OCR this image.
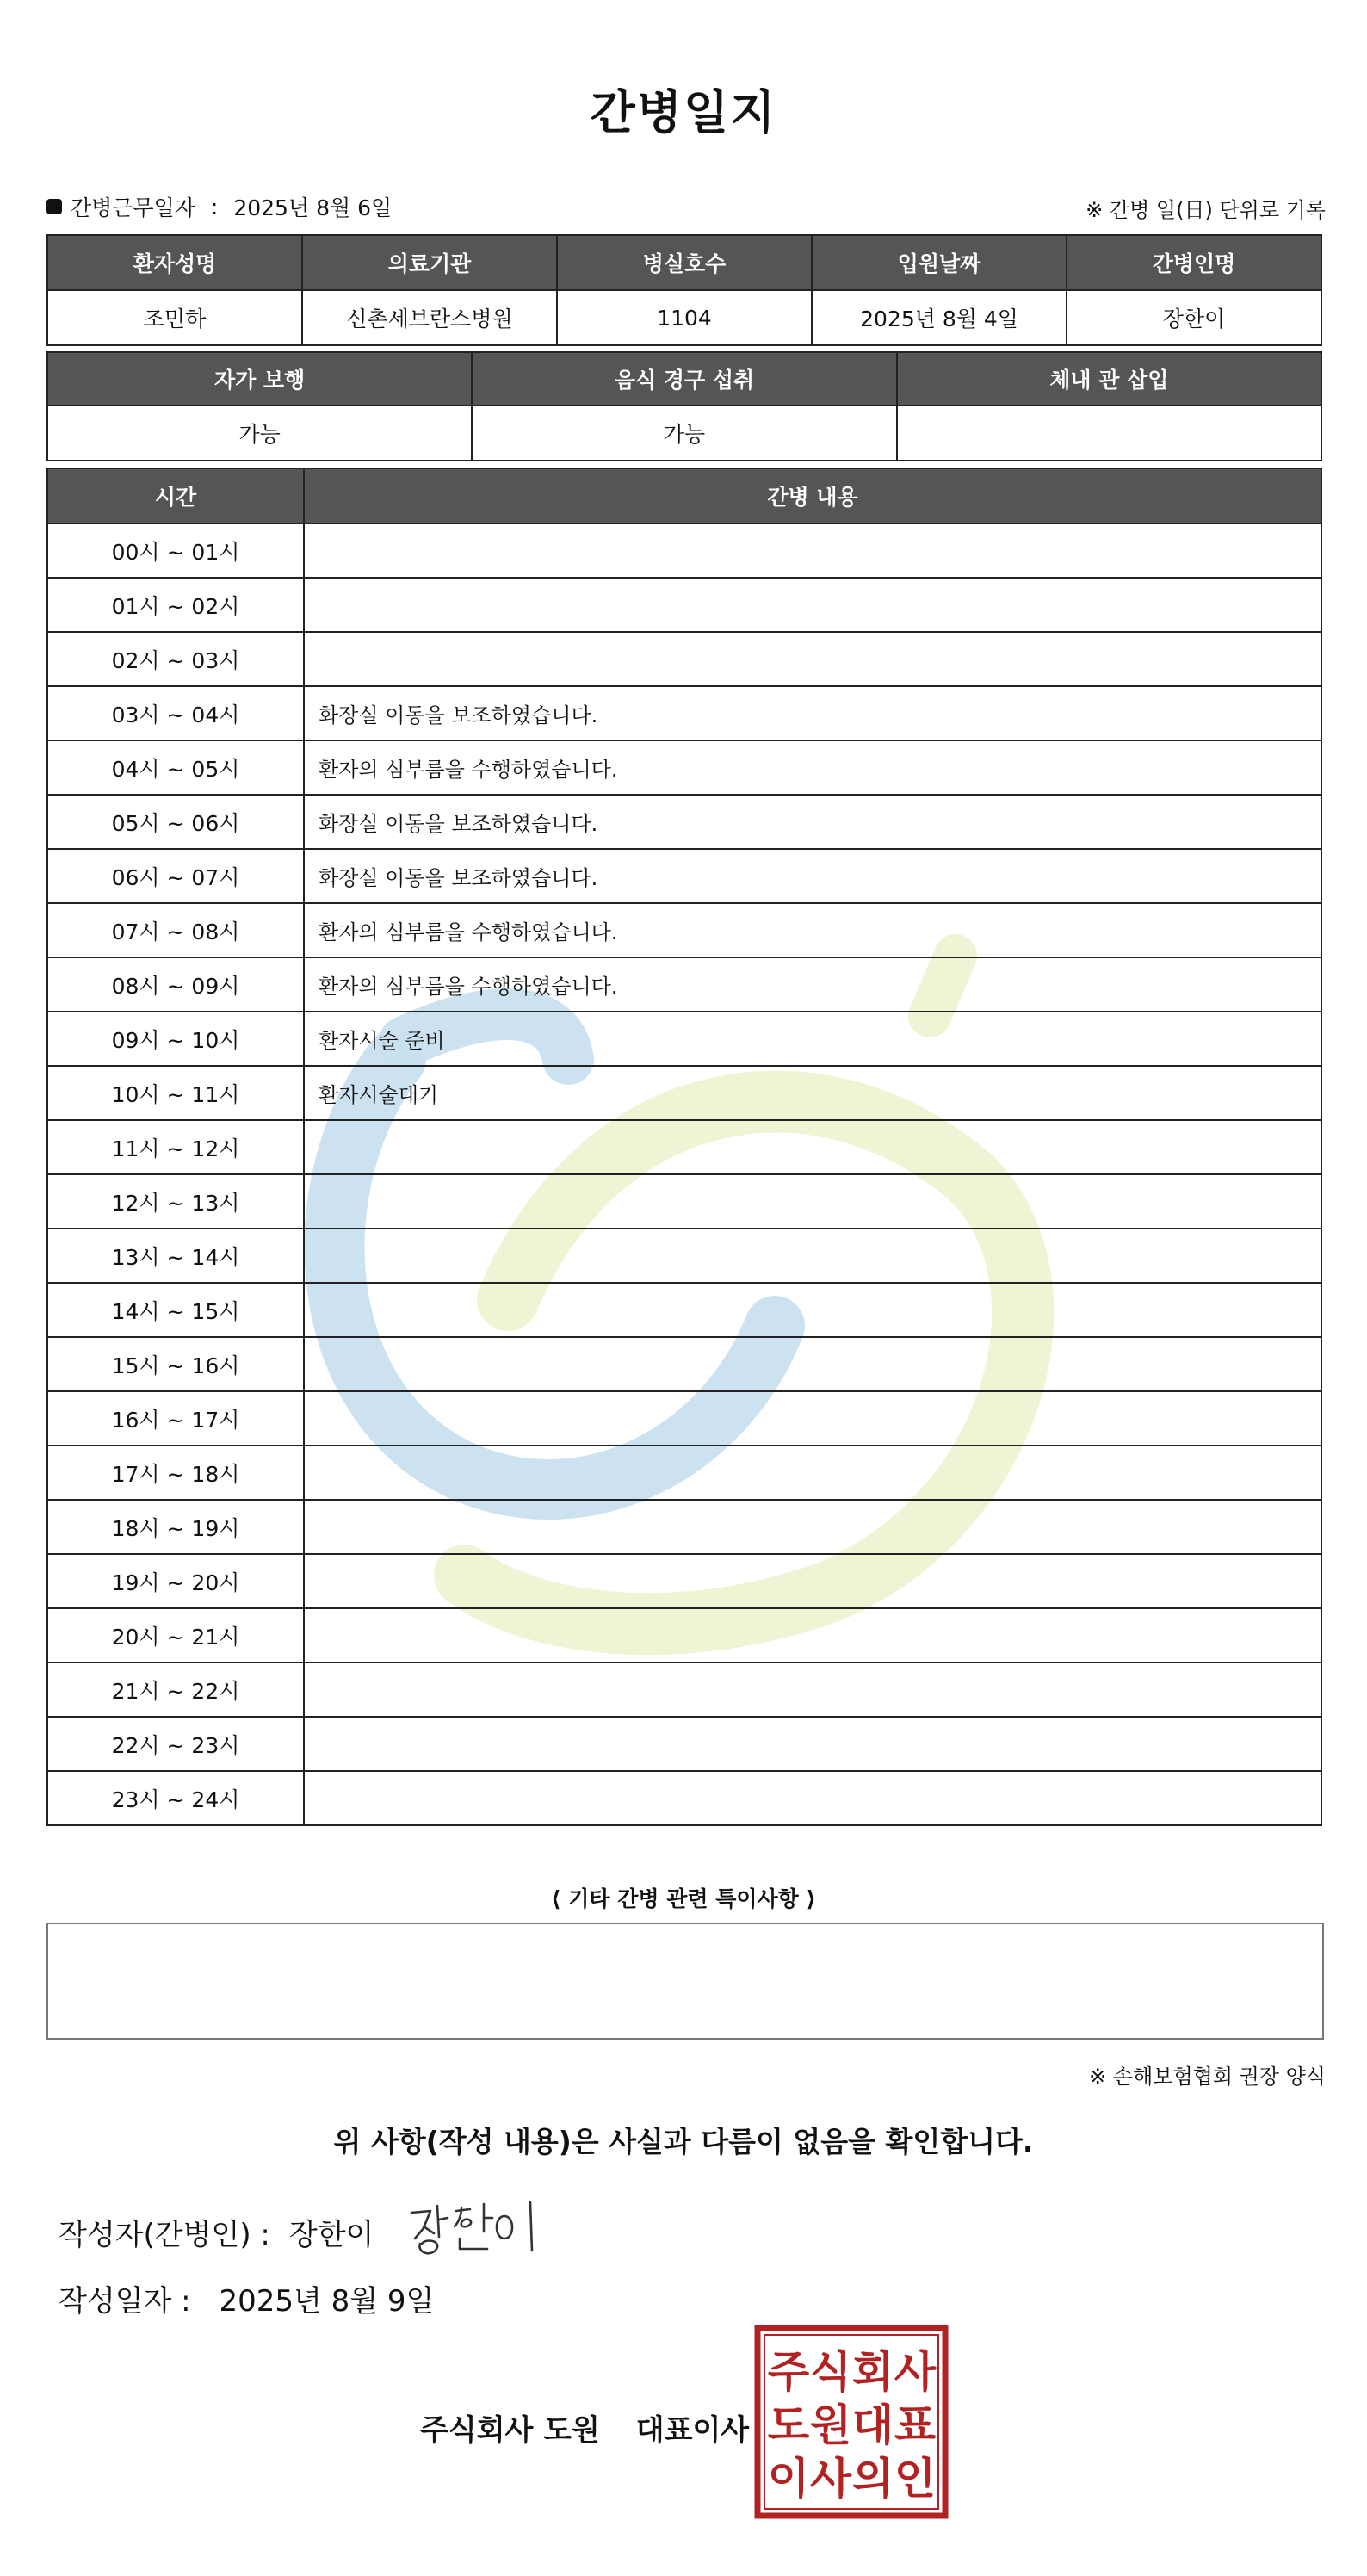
간병일지
간병근무일자 : 2025년 8월 6일	※ 간병 일(日) 단위로 기록
환자성명	의료기관	병실호수	입원날짜	간병인명
조민하	신촌세브란스병원	1104	2025년 8월 4일	장한이
자가 보행	음식 경구 섭취	체내 관 삽입
가능	가능	
시간	간병 내용
00시 ~ 01시	
01시 ~ 02시	
02시 ~ 03시	
03시 ~ 04시	화장실 이동을 보조하였습니다.
04시 ~ 05시	환자의 심부름을 수행하였습니다.
05시 ~ 06시	화장실 이동을 보조하였습니다.
06시 ~ 07시	화장실 이동을 보조하였습니다.
07시 ~ 08시	환자의 심부름을 수행하였습니다.
08시 ~ 09시	환자의 심부름을 수행하였습니다.
09시 ~ 10시	환자시술 준비
10시 ~ 11시	환자시술대기
11시 ~ 12시	
12시 ~ 13시	
13시 ~ 14시	
14시 ~ 15시	
15시 ~ 16시	
16시 ~ 17시	
17시 ~ 18시	
18시 ~ 19시	
19시 ~ 20시	
20시 ~ 21시	
21시 ~ 22시	
22시 ~ 23시	
23시 ~ 24시	
⟨ 기타 간병 관련 특이사항 ⟩
※ 손해보험협회 권장 양식
위 사항(작성 내용)은 사실과 다름이 없음을 확인합니다.
작성자(간병인) : 장한이
작성일자 : 2025년 8월 9일
주식회사 도원 대표이사
주 식 회 사
도 원 대 표
이 사 의 인
